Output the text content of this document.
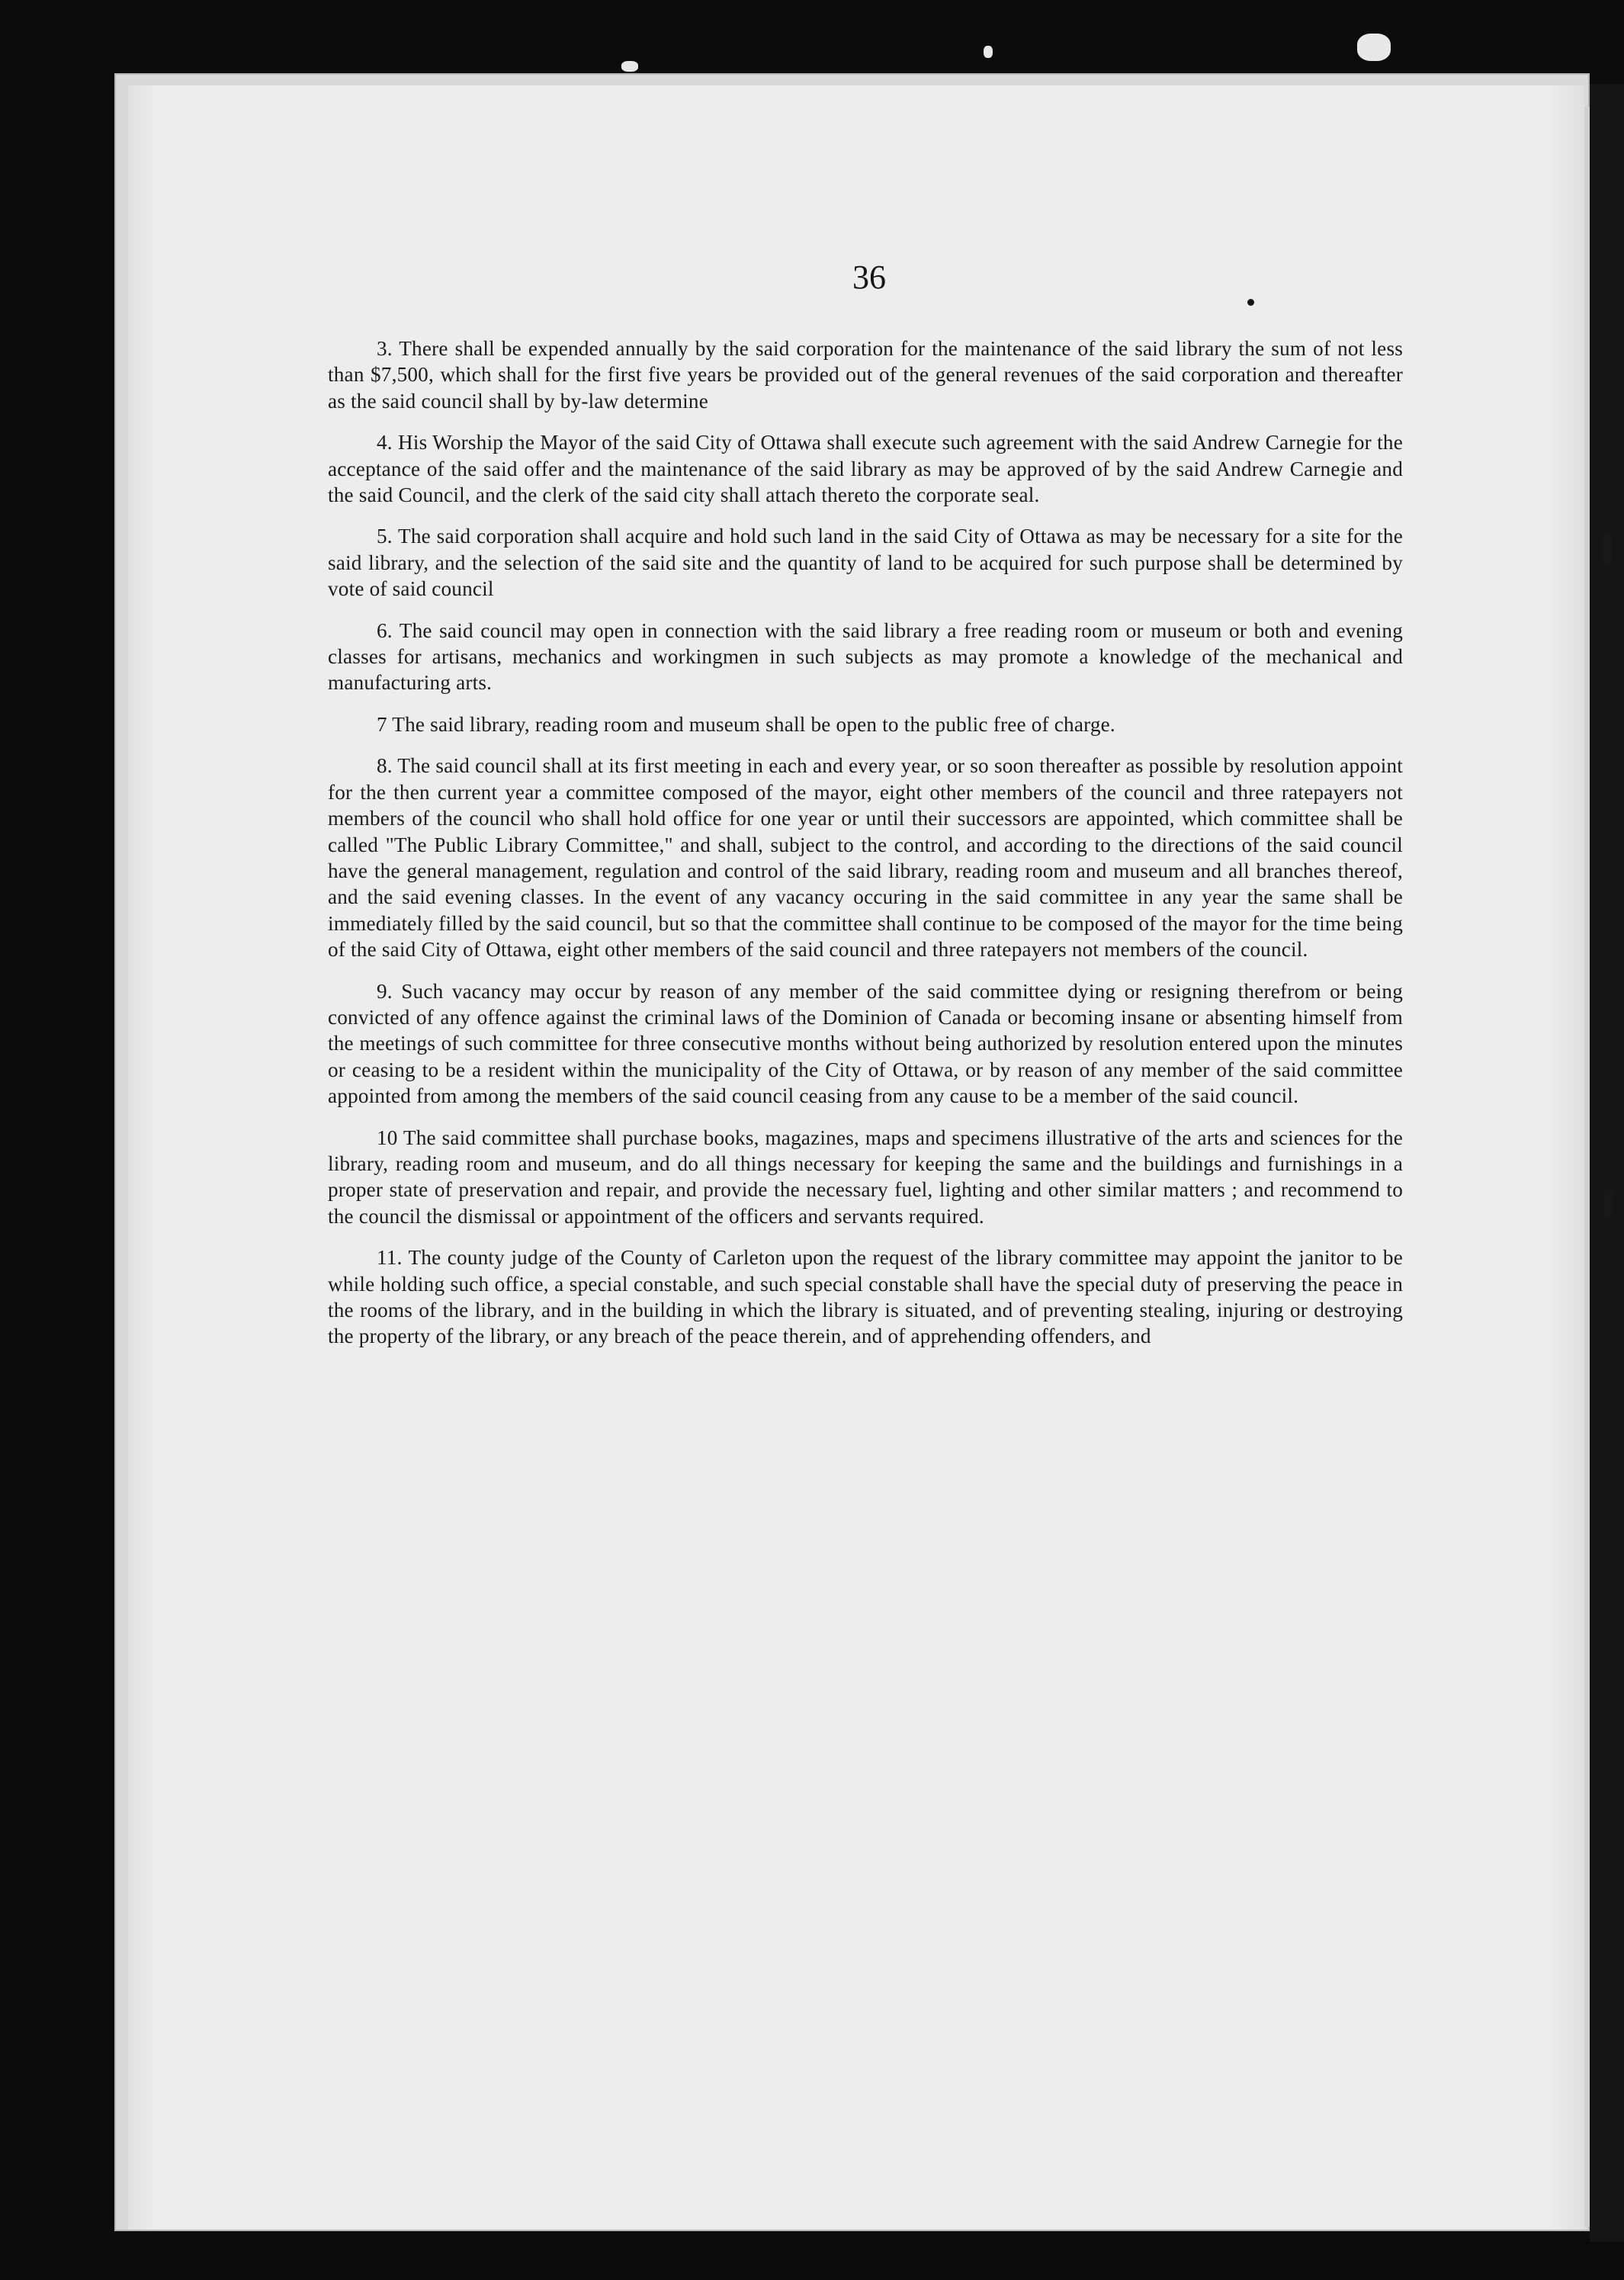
36

3. There shall be expended annually by the said corporation for the maintenance of the said library the sum of not less than $7,500, which shall for the first five years be provided out of the general revenues of the said corporation and thereafter as the said council shall by by-law determine

4. His Worship the Mayor of the said City of Ottawa shall execute such agreement with the said Andrew Carnegie for the acceptance of the said offer and the maintenance of the said library as may be approved of by the said Andrew Carnegie and the said Council, and the clerk of the said city shall attach thereto the corporate seal.

5. The said corporation shall acquire and hold such land in the said City of Ottawa as may be necessary for a site for the said library, and the selection of the said site and the quantity of land to be acquired for such purpose shall be determined by vote of said council

6. The said council may open in connection with the said library a free reading room or museum or both and evening classes for artisans, mechanics and workingmen in such subjects as may promote a knowledge of the mechanical and manufacturing arts.

7 The said library, reading room and museum shall be open to the public free of charge.

8. The said council shall at its first meeting in each and every year, or so soon thereafter as possible by resolution appoint for the then current year a committee composed of the mayor, eight other members of the council and three ratepayers not members of the council who shall hold office for one year or until their successors are appointed, which committee shall be called "The Public Library Committee," and shall, subject to the control, and according to the directions of the said council have the general management, regulation and control of the said library, reading room and museum and all branches thereof, and the said evening classes. In the event of any vacancy occuring in the said committee in any year the same shall be immediately filled by the said council, but so that the committee shall continue to be composed of the mayor for the time being of the said City of Ottawa, eight other members of the said council and three ratepayers not members of the council.

9. Such vacancy may occur by reason of any member of the said committee dying or resigning therefrom or being convicted of any offence against the criminal laws of the Dominion of Canada or becoming insane or absenting himself from the meetings of such committee for three consecutive months without being authorized by resolution entered upon the minutes or ceasing to be a resident within the municipality of the City of Ottawa, or by reason of any member of the said committee appointed from among the members of the said council ceasing from any cause to be a member of the said council.

10 The said committee shall purchase books, magazines, maps and specimens illustrative of the arts and sciences for the library, reading room and museum, and do all things necessary for keeping the same and the buildings and furnishings in a proper state of preservation and repair, and provide the necessary fuel, lighting and other similar matters ; and recommend to the council the dismissal or appointment of the officers and servants required.

11. The county judge of the County of Carleton upon the request of the library committee may appoint the janitor to be while holding such office, a special constable, and such special constable shall have the special duty of preserving the peace in the rooms of the library, and in the building in which the library is situated, and of preventing stealing, injuring or destroying the property of the library, or any breach of the peace therein, and of apprehending offenders, and
